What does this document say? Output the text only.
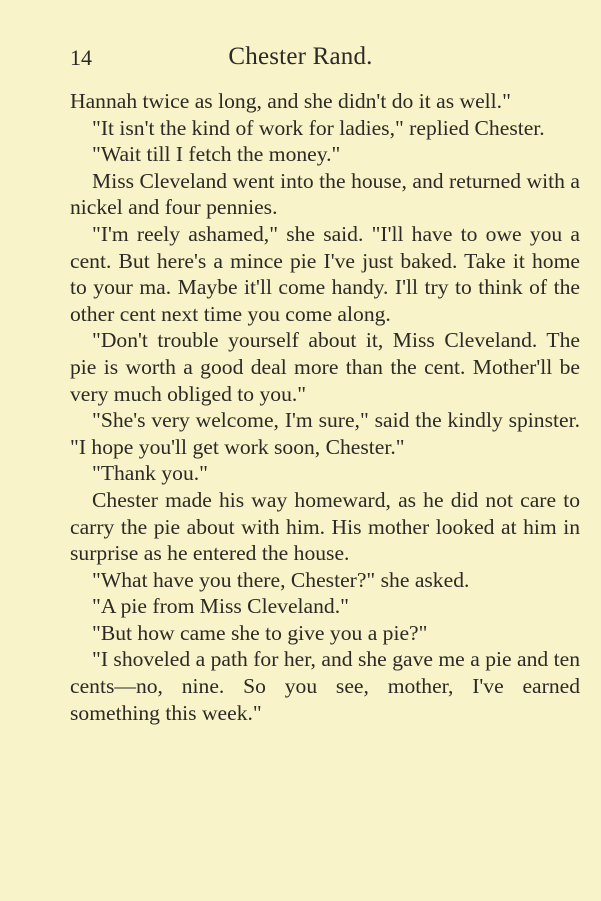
14	Chester Rand.

Hannah twice as long, and she didn't do it as well."

"It isn't the kind of work for ladies," replied Chester.

"Wait till I fetch the money."

Miss Cleveland went into the house, and returned with a nickel and four pennies.

"I'm reely ashamed," she said. "I'll have to owe you a cent. But here's a mince pie I've just baked. Take it home to your ma. Maybe it'll come handy. I'll try to think of the other cent next time you come along.

"Don't trouble yourself about it, Miss Cleveland. The pie is worth a good deal more than the cent. Mother'll be very much obliged to you."

"She's very welcome, I'm sure," said the kindly spinster. "I hope you'll get work soon, Chester."

"Thank you."

Chester made his way homeward, as he did not care to carry the pie about with him. His mother looked at him in surprise as he entered the house.

"What have you there, Chester?" she asked.

"A pie from Miss Cleveland."

"But how came she to give you a pie?"

"I shoveled a path for her, and she gave me a pie and ten cents—no, nine. So you see, mother, I've earned something this week."
